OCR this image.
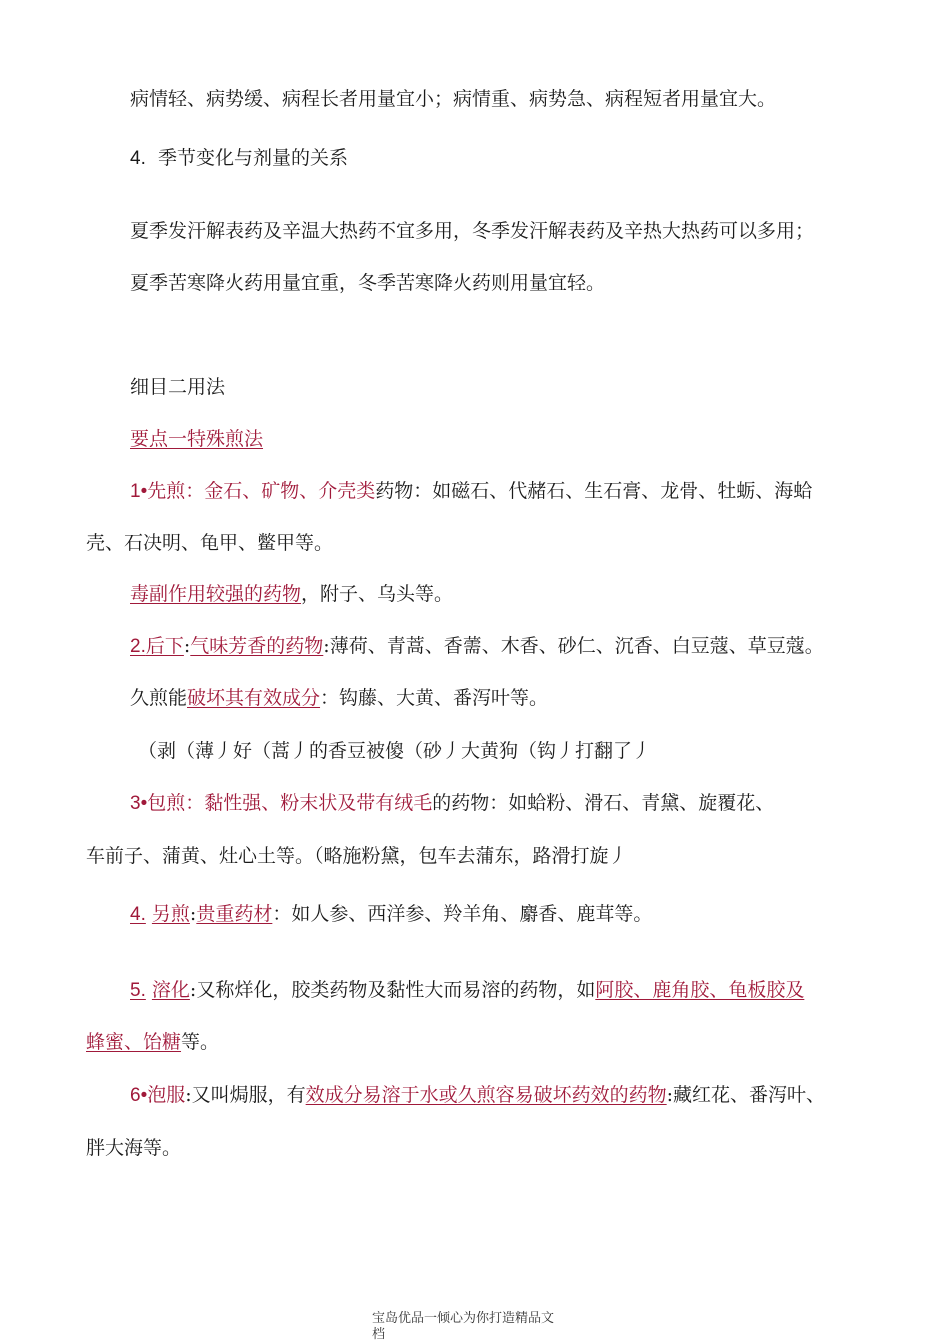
病情轻、病势缓、病程长者用量宜小；病情重、病势急、病程短者用量宜大。
4. 季节变化与剂量的关系
夏季发汗解表药及辛温大热药不宜多用，冬季发汗解表药及辛热大热药可以多用；
夏季苦寒降火药用量宜重，冬季苦寒降火药则用量宜轻。
细目二用法
要点一特殊煎法
1•先煎：金石、矿物、介壳类药物：如磁石、代赭石、生石膏、龙骨、牡蛎、海蛤
壳、石决明、龟甲、鳖甲等。
毒副作用较强的药物，附子、乌头等。
2.后下:气味芳香的药物:薄荷、青蒿、香薷、木香、砂仁、沉香、白豆蔻、草豆蔻。
久煎能破坏其有效成分：钩藤、大黄、番泻叶等。
（剥（薄丿好（蒿丿的香豆被傻（砂丿大黄狗（钩丿打翻了丿
3•包煎：黏性强、粉末状及带有绒毛的药物：如蛤粉、滑石、青黛、旋覆花、
车前子、蒲黄、灶心土等。（略施粉黛，包车去蒲东，路滑打旋丿
4. 另煎:贵重药材：如人参、西洋参、羚羊角、麝香、鹿茸等。
5. 溶化:又称烊化，胶类药物及黏性大而易溶的药物，如阿胶、鹿角胶、龟板胶及
蜂蜜、饴糖等。
6•泡服:又叫焗服，有效成分易溶于水或久煎容易破坏药效的药物:藏红花、番泻叶、
胖大海等。
宝岛优品一倾心为你打造精品文
档
